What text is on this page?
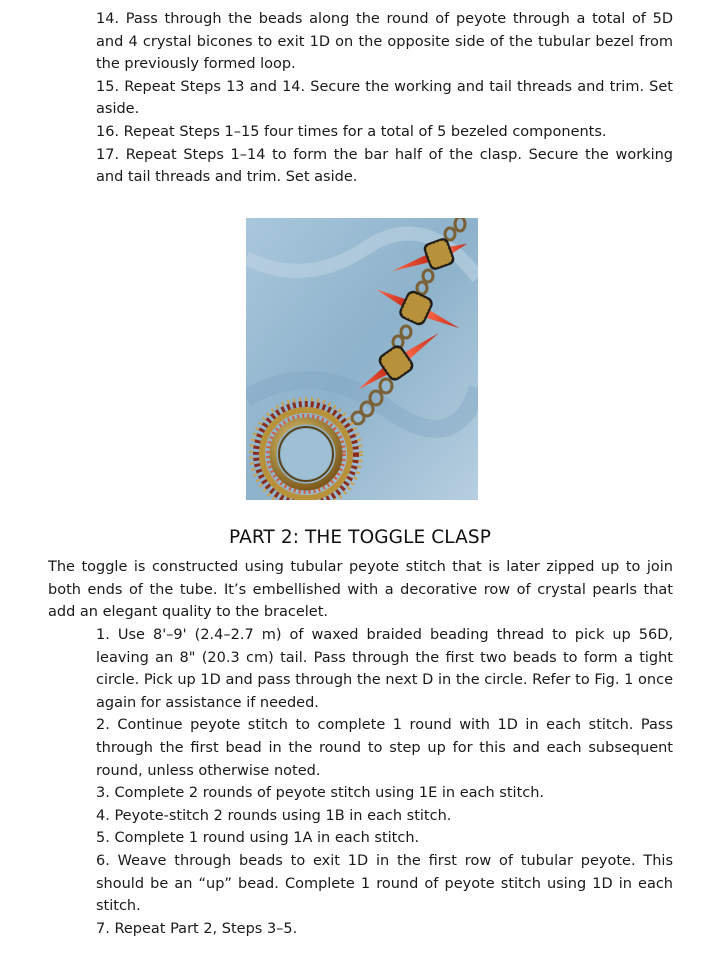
14. Pass through the beads along the round of peyote through a total of 5D and 4 crystal bicones to exit 1D on the opposite side of the tubular bezel from the previously formed loop.

15. Repeat Steps 13 and 14. Secure the working and tail threads and trim. Set aside.

16. Repeat Steps 1–15 four times for a total of 5 bezeled components.

17. Repeat Steps 1–14 to form the bar half of the clasp. Secure the working and tail threads and trim. Set aside.

PART 2: THE TOGGLE CLASP

The toggle is constructed using tubular peyote stitch that is later zipped up to join both ends of the tube. It’s embellished with a decorative row of crystal pearls that add an elegant quality to the bracelet.

1. Use 8'–9' (2.4–2.7 m) of waxed braided beading thread to pick up 56D, leaving an 8" (20.3 cm) tail. Pass through the first two beads to form a tight circle. Pick up 1D and pass through the next D in the circle. Refer to Fig. 1 once again for assistance if needed.

2. Continue peyote stitch to complete 1 round with 1D in each stitch. Pass through the first bead in the round to step up for this and each subsequent round, unless otherwise noted.

3. Complete 2 rounds of peyote stitch using 1E in each stitch.

4. Peyote-stitch 2 rounds using 1B in each stitch.

5. Complete 1 round using 1A in each stitch.

6. Weave through beads to exit 1D in the first row of tubular peyote. This should be an “up” bead. Complete 1 round of peyote stitch using 1D in each stitch.

7. Repeat Part 2, Steps 3–5.
